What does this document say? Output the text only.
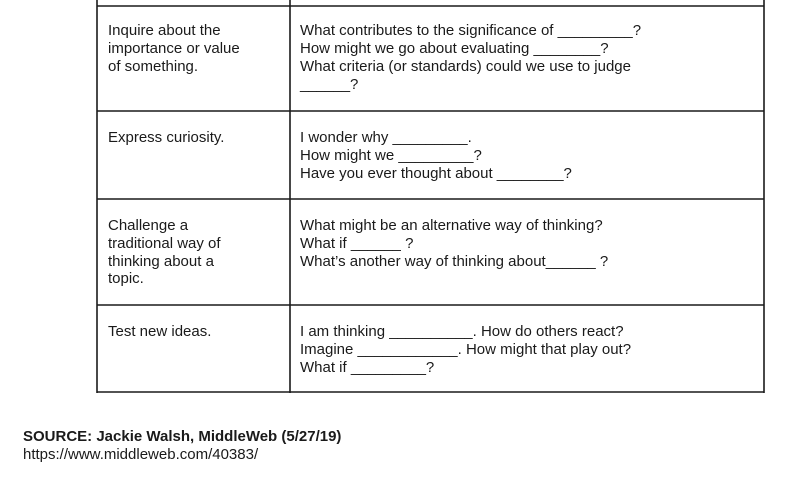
Inquire about the
importance or value
of something.
What contributes to the significance of _________?
How might we go about evaluating ________?
What criteria (or standards) could we use to judge
______?
Express curiosity.	I wonder why _________.
How might we _________?
Have you ever thought about ________?
Challenge a
traditional way of
thinking about a
topic.
What might be an alternative way of thinking?
What if ______ ?
What’s another way of thinking about______ ?
Test new ideas.	I am thinking __________. How do others react?
Imagine ____________. How might that play out?
What if _________?
SOURCE: Jackie Walsh, MiddleWeb (5/27/19)
https://www.middleweb.com/40383/
